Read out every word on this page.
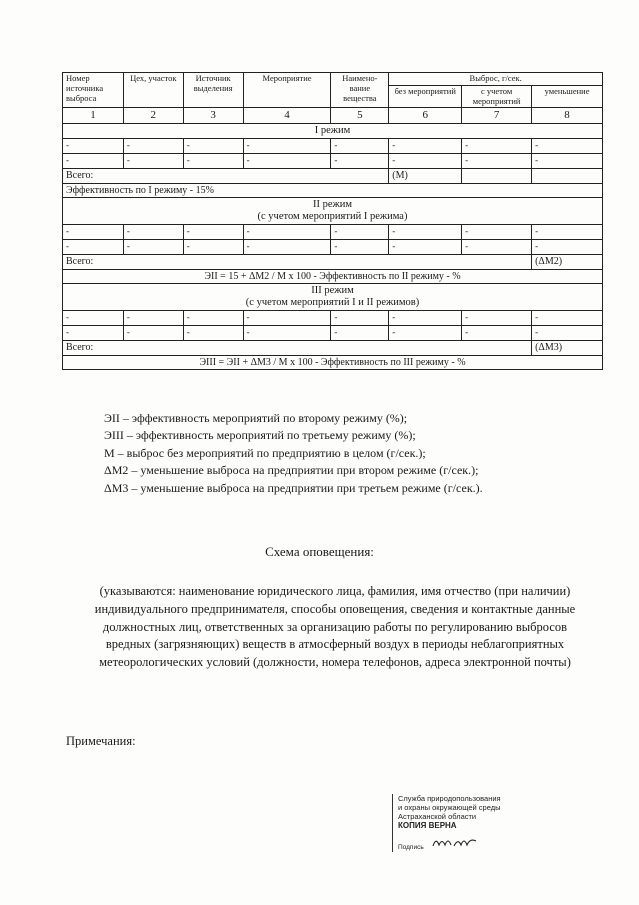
Номер источника выброса	Цех, участок	Источник выделения	Мероприятие	Наимено-вание вещества	Выброс, г/сек.		
					без мероприятий	с учетом мероприятий	уменьшение
1	2	3	4	5	6	7	8
I режим							
-	-	-	-	-	-	-	-
-	-	-	-	-	-	-	-
Всего:					(М)		
Эффективность по I режиму - 15%							

II режим
(с учетом мероприятий I режима)							

-	-	-	-	-	-	-	-
-	-	-	-	-	-	-	-
Всего:							(ΔМ2)
ЭII = 15 + ΔМ2 / М х 100 - Эффективность по II режиму - %							

III режим
(с учетом мероприятий I и II режимов)							

-	-	-	-	-	-	-	-
-	-	-	-	-	-	-	-
Всего:							(ΔМ3)
ЭIII = ЭII + ΔМ3 / М х 100 - Эффективность по III режиму - %							
ЭII – эффективность мероприятий по второму режиму (%);
ЭIII – эффективность мероприятий по третьему режиму (%);
М – выброс без мероприятий по предприятию в целом (г/сек.);
ΔМ2 – уменьшение выброса на предприятии при втором режиме (г/сек.);
ΔМ3 – уменьшение выброса на предприятии при третьем режиме (г/сек.).
Схема оповещения:
(указываются: наименование юридического лица, фамилия, имя отчество (при наличии) индивидуального предпринимателя, способы оповещения, сведения и контактные данные должностных лиц, ответственных за организацию работы по регулированию выбросов вредных (загрязняющих) веществ в атмосферный воздух в периоды неблагоприятных метеорологических условий (должности, номера телефонов, адреса электронной почты)
Примечания:
Служба природопользования
и охраны окружающей среды
Астраханской области
КОПИЯ ВЕРНА
Подпись
